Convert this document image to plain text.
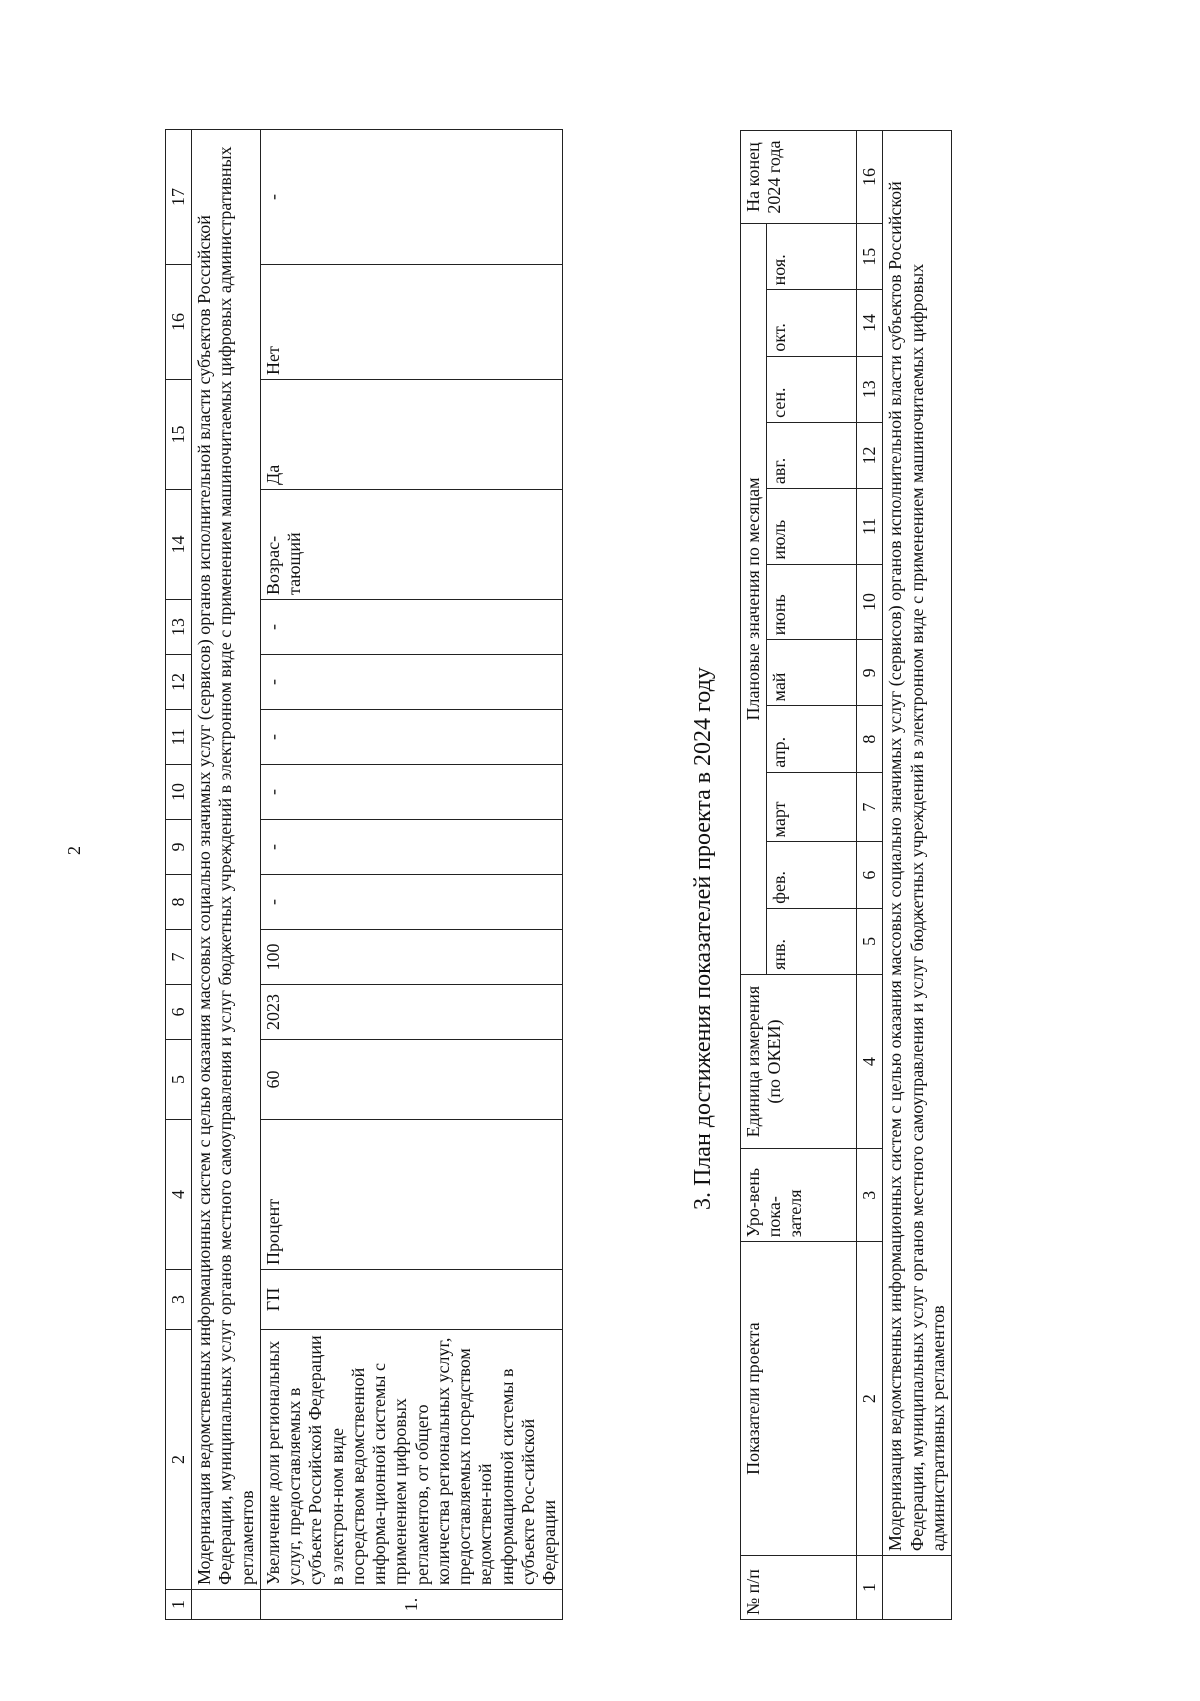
2
1	2	3	4	5	6	7	8	9	10	11	12	13	14	15	16	17
	Модернизация ведомственных информационных систем с целью оказания массовых социально значимых услуг (сервисов) органов исполнительной власти субъектов Российской Федерации, муниципальных услуг органов местного самоуправления и услуг бюджетных учреждений в электронном виде с применением машиночитаемых цифровых административных регламентов															
1.	Увеличение доли региональных услуг, предоставляемых в субъекте Российской Федерации в электрон-ном виде посредством ведомственной информа-ционной системы с применением цифровых регламентов, от общего количества региональных услуг, предоставляемых посредством ведомствен-ной информационной системы в субъекте Рос-сийской Федерации	ГП	Процент	60	2023	100	-	-	-	-	-	-	Возрас-тающий	Да	Нет	-
3. План достижения показателей проекта в 2024 году
№ п/п	Показатели проекта	Уро-вень пока-зателя	Единица измерения (по ОКЕИ)	Плановые значения по месяцам											На конец 2024 года
				янв.	фев.	март	апр.	май	июнь	июль	авг.	сен.	окт.	ноя.	
1	2	3	4	5	6	7	8	9	10	11	12	13	14	15	16
	Модернизация ведомственных информационных систем с целью оказания массовых социально значимых услуг (сервисов) органов исполнительной власти субъектов Российской Федерации, муниципальных услуг органов местного самоуправления и услуг бюджетных учреждений в электронном виде с применением машиночитаемых цифровых административных регламентов														
